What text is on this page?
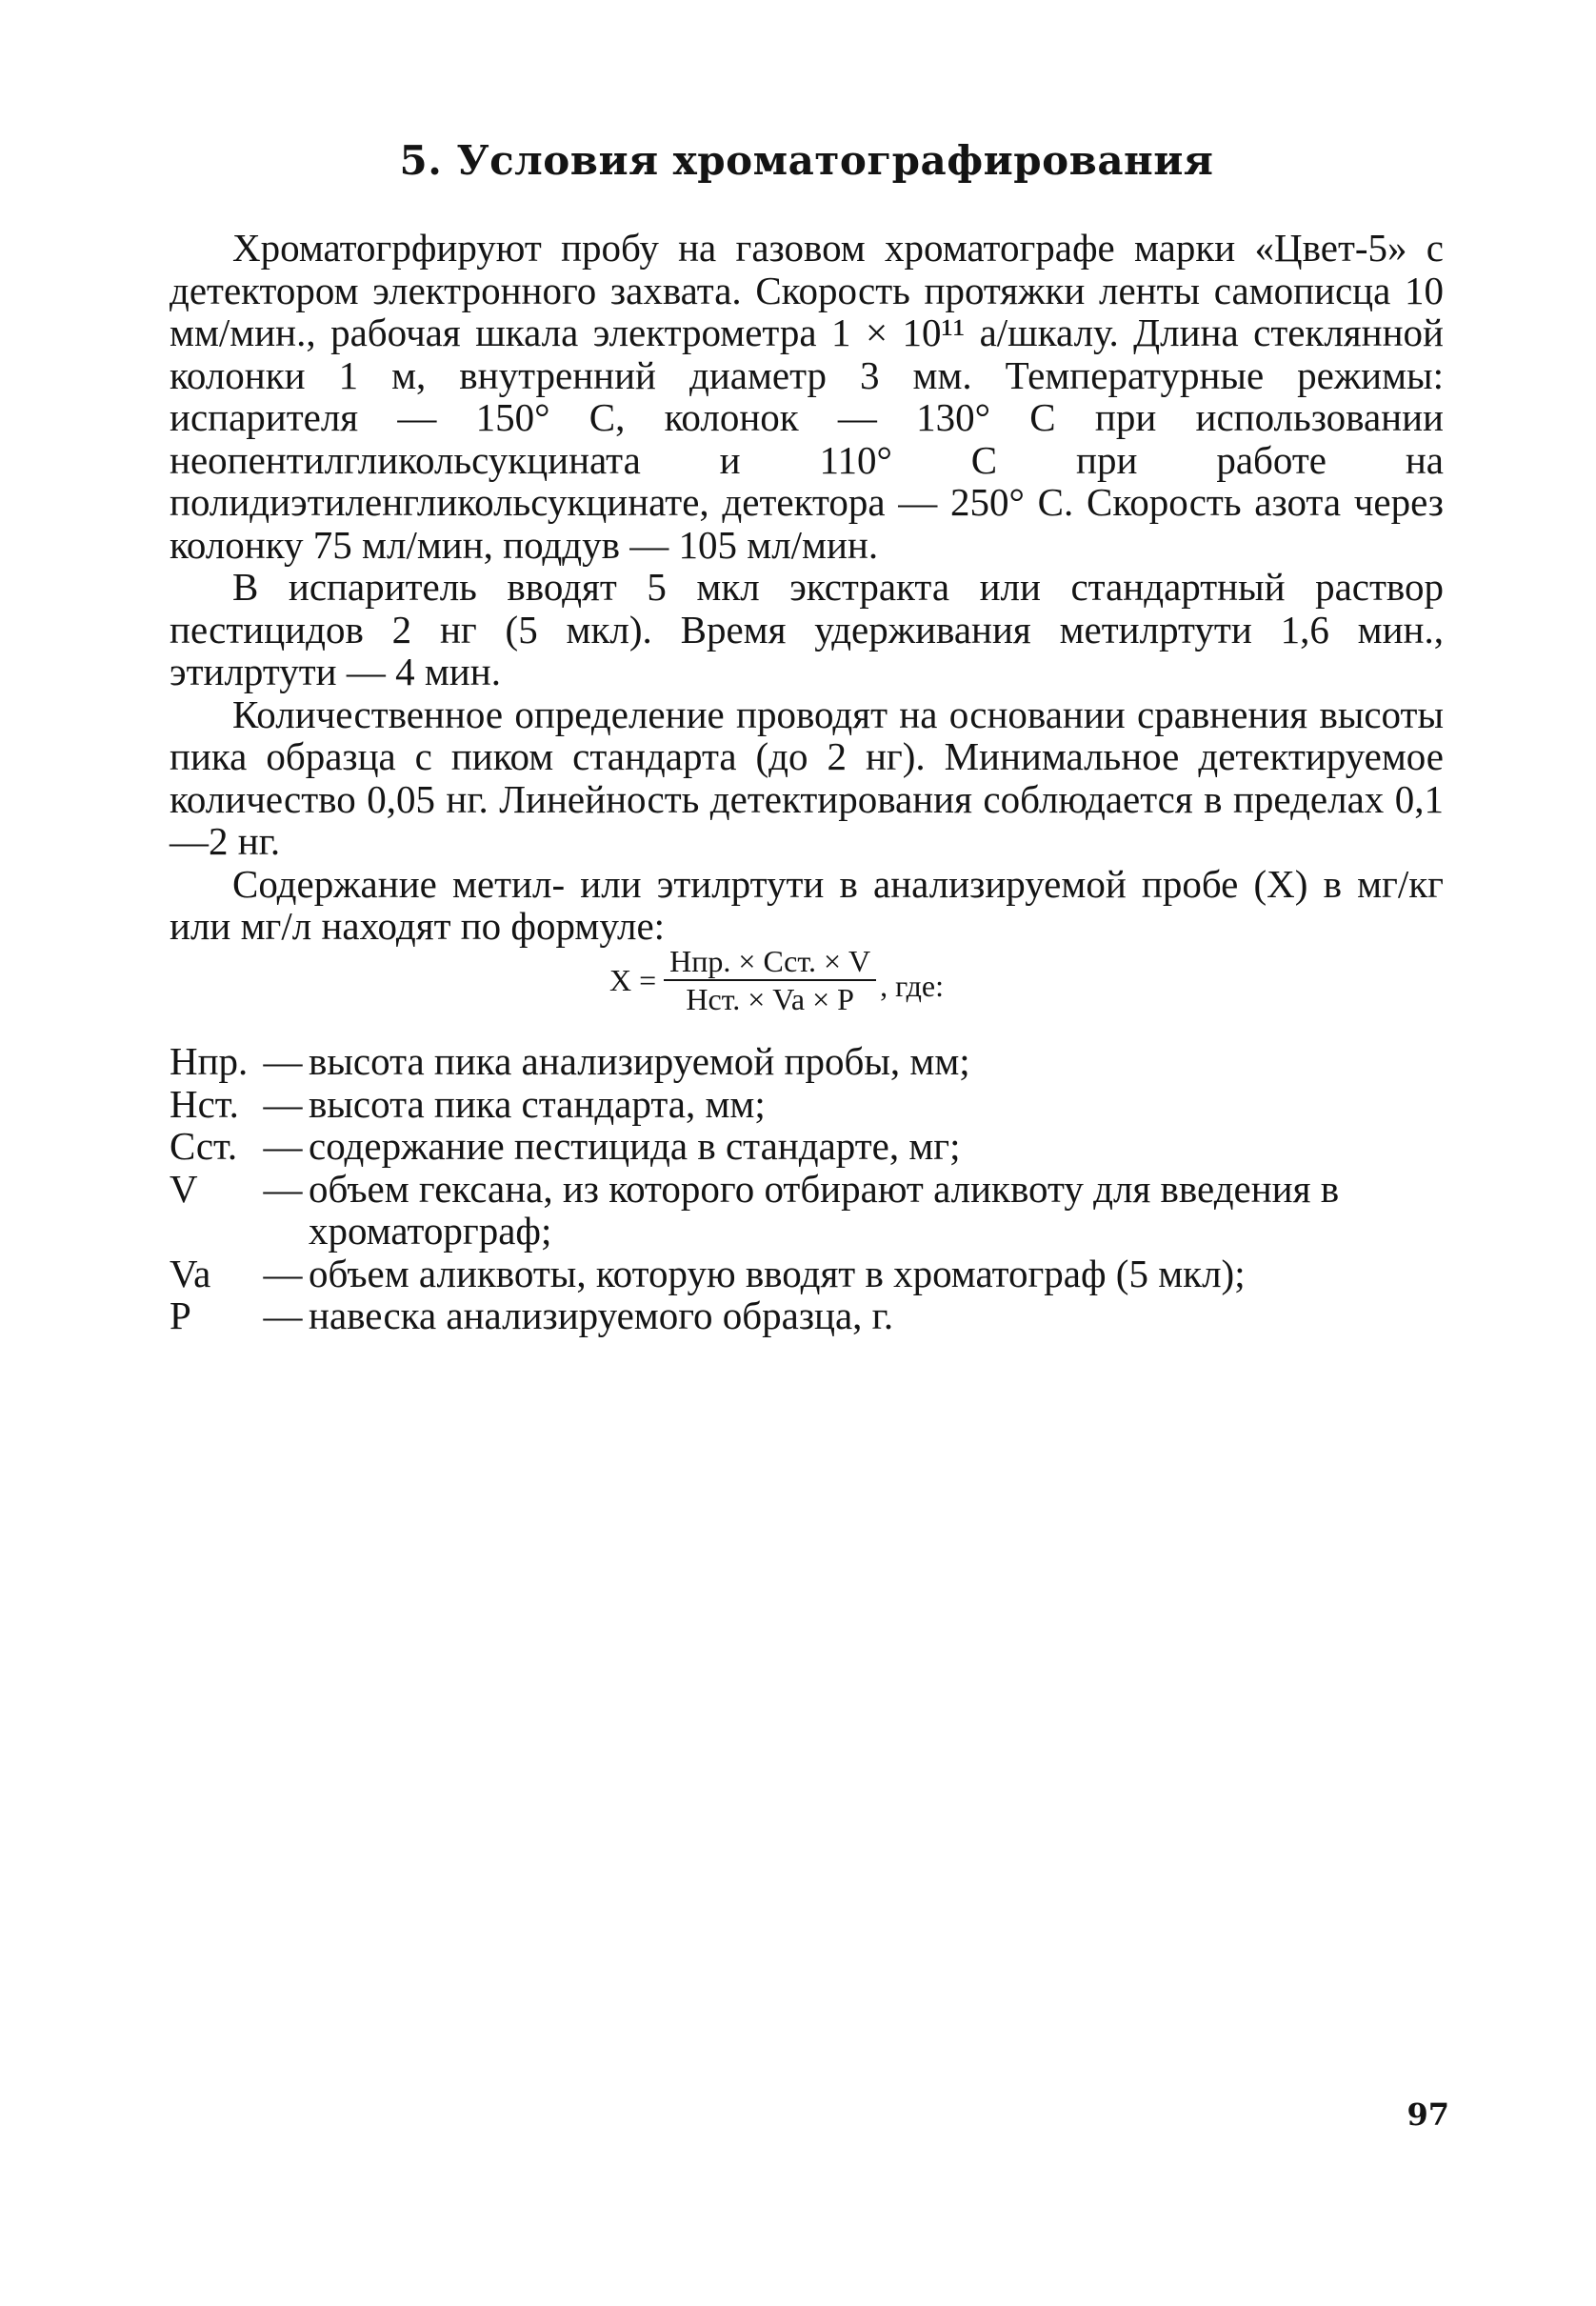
5. Условия хроматографирования

Хроматогрфируют пробу на газовом хроматографе марки «Цвет-5» с детектором электронного захвата. Скорость протяжки ленты самописца 10 мм/мин., рабочая шкала электрометра 1 × 10¹¹ а/шкалу. Длина стеклянной колонки 1 м, внутренний диаметр 3 мм. Температурные режимы: испарителя — 150° С, колонок — 130° С при использовании неопентилгликольсукцината и 110° С при работе на полидиэтиленгликольсукцинате, детектора — 250° С. Скорость азота через колонку 75 мл/мин, поддув — 105 мл/мин.

В испаритель вводят 5 мкл экстракта или стандартный раствор пестицидов 2 нг (5 мкл). Время удерживания метилртути 1,6 мин., этилртути — 4 мин.

Количественное определение проводят на основании сравнения высоты пика образца с пиком стандарта (до 2 нг). Минимальное детектируемое количество 0,05 нг. Линейность детектирования соблюдается в пределах 0,1—2 нг.

Содержание метил- или этилртути в анализируемой пробе (X) в мг/кг или мг/л находят по формуле:

$X = \frac{\text{Нпр. × Сст. × V}}{\text{Нст. × Va × P}}$ , где:
Нпр. — высота пика анализируемой пробы, мм;
Нст. — высота пика стандарта, мм;
Сст. — содержание пестицида в стандарте, мг;
V	— объем гексана, из которого отбирают аликвоту для введения в хроматорграф;
Va	— объем аликвоты, которую вводят в хроматограф (5 мкл);
P	— навеска анализируемого образца, г.
97
